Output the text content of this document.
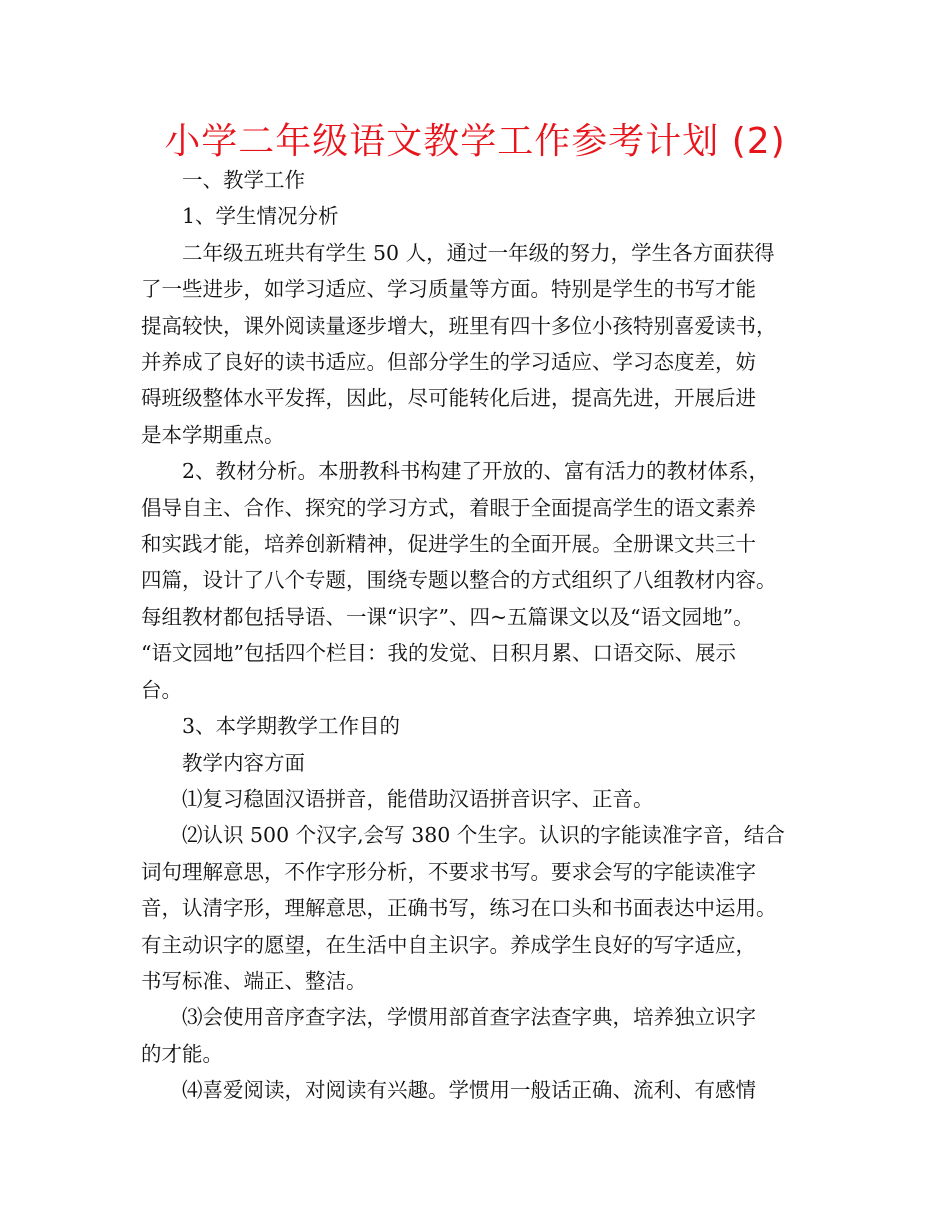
小学二年级语文教学工作参考计划 (2)

一、教学工作

1、学生情况分析

二年级五班共有学生 50 人，通过一年级的努力，学生各方面获得
了一些进步，如学习适应、学习质量等方面。特别是学生的书写才能
提高较快，课外阅读量逐步增大，班里有四十多位小孩特别喜爱读书，
并养成了良好的读书适应。但部分学生的学习适应、学习态度差，妨
碍班级整体水平发挥，因此，尽可能转化后进，提高先进，开展后进
是本学期重点。

2、教材分析。本册教科书构建了开放的、富有活力的教材体系，
倡导自主、合作、探究的学习方式，着眼于全面提高学生的语文素养
和实践才能，培养创新精神，促进学生的全面开展。全册课文共三十
四篇，设计了八个专题，围绕专题以整合的方式组织了八组教材内容。
每组教材都包括导语、一课“识字”、四~五篇课文以及“语文园地”。
“语文园地”包括四个栏目：我的发觉、日积月累、口语交际、展示
台。

3、本学期教学工作目的

教学内容方面

⑴复习稳固汉语拼音，能借助汉语拼音识字、正音。

⑵认识 500 个汉字,会写 380 个生字。认识的字能读准字音，结合
词句理解意思，不作字形分析，不要求书写。要求会写的字能读准字
音，认清字形，理解意思，正确书写，练习在口头和书面表达中运用。
有主动识字的愿望，在生活中自主识字。养成学生良好的写字适应，
书写标准、端正、整洁。

⑶会使用音序查字法，学惯用部首查字法查字典，培养独立识字
的才能。

⑷喜爱阅读，对阅读有兴趣。学惯用一般话正确、流利、有感情
